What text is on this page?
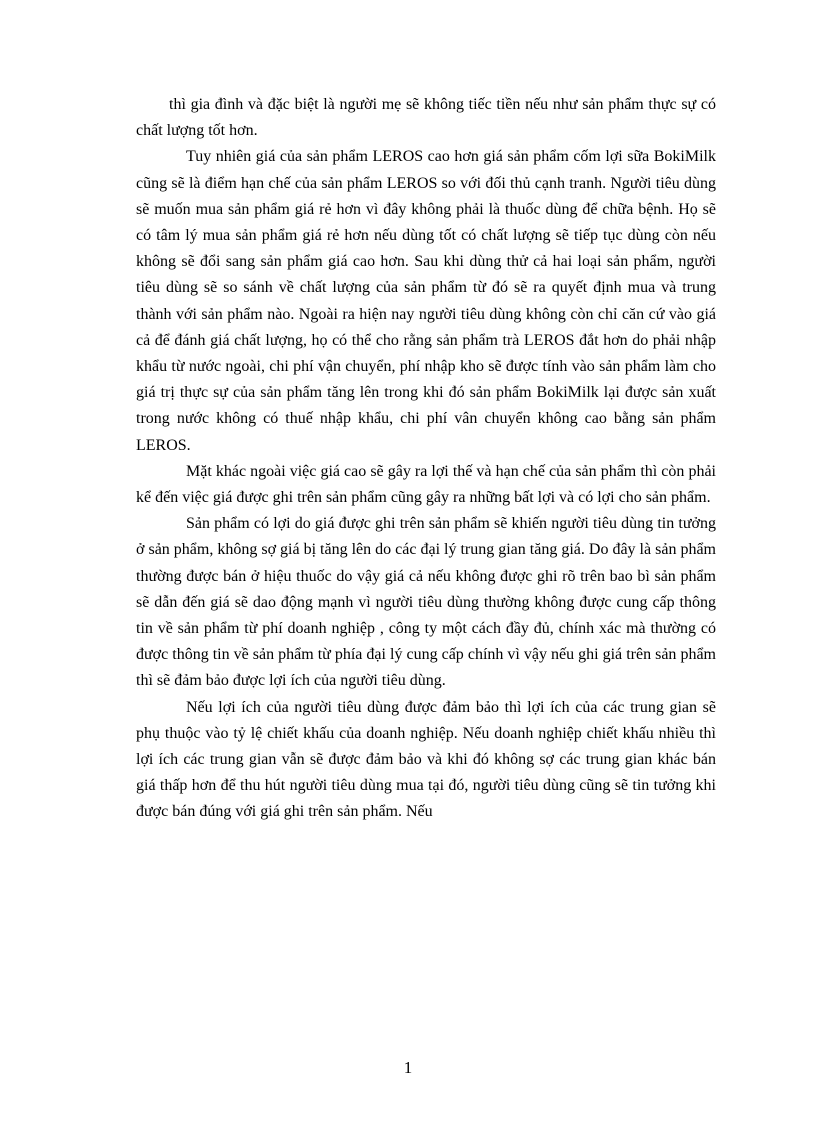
thì gia đình và đặc biệt là người mẹ sẽ không tiếc tiền nếu như sản phẩm thực sự có chất lượng tốt hơn.

Tuy nhiên giá của sản phẩm LEROS cao hơn giá sản phẩm cốm lợi sữa BokiMilk cũng sẽ là điểm hạn chế của sản phẩm LEROS so với đối thủ cạnh tranh. Người tiêu dùng sẽ muốn mua sản phẩm giá rẻ hơn vì đây không phải là thuốc dùng để chữa bệnh. Họ sẽ có tâm lý mua sản phẩm giá rẻ hơn nếu dùng tốt có chất lượng sẽ tiếp tục dùng còn nếu không sẽ đổi sang sản phẩm giá cao hơn. Sau khi dùng thử cả hai loại sản phẩm, người tiêu dùng sẽ so sánh về chất lượng của sản phẩm từ đó sẽ ra quyết định mua và trung thành với sản phẩm nào. Ngoài ra hiện nay người tiêu dùng không còn chỉ căn cứ vào giá cả để đánh giá chất lượng, họ có thể cho rằng sản phẩm trà LEROS đắt hơn do phải nhập khẩu từ nước ngoài, chi phí vận chuyển, phí nhập kho sẽ được tính vào sản phẩm làm cho giá trị thực sự của sản phẩm tăng lên trong khi đó sản phẩm BokiMilk lại được sản xuất trong nước không có thuế nhập khẩu, chi phí vân chuyển không cao bằng sản phẩm LEROS.

Mặt khác ngoài việc giá cao sẽ gây ra lợi thế và hạn chế của sản phẩm thì còn phải kể đến việc giá được ghi trên sản phẩm cũng gây ra những bất lợi và có lợi cho sản phẩm.

Sản phẩm có lợi do giá được ghi trên sản phẩm sẽ khiến người tiêu dùng tin tưởng ở sản phẩm, không sợ giá bị tăng lên do các đại lý trung gian tăng giá. Do đây là sản phẩm thường được bán ở hiệu thuốc do vậy giá cả nếu không được ghi rõ trên bao bì sản phẩm sẽ dẫn đến giá sẽ dao động mạnh vì người tiêu dùng thường không được cung cấp thông tin về sản phẩm từ phí doanh nghiệp , công ty một cách đầy đủ, chính xác mà thường có được thông tin về sản phẩm từ phía đại lý cung cấp chính vì vậy nếu ghi giá trên sản phẩm thì sẽ đảm bảo được lợi ích của người tiêu dùng.

Nếu lợi ích của người tiêu dùng được đảm bảo thì lợi ích của các trung gian sẽ phụ thuộc vào tỷ lệ chiết khấu của doanh nghiệp. Nếu doanh nghiệp chiết khấu nhiều thì lợi ích các trung gian vẫn sẽ được đảm bảo và khi đó không sợ các trung gian khác bán giá thấp hơn để thu hút người tiêu dùng mua tại đó, người tiêu dùng cũng sẽ tin tưởng khi được bán đúng với giá ghi trên sản phẩm. Nếu

1
